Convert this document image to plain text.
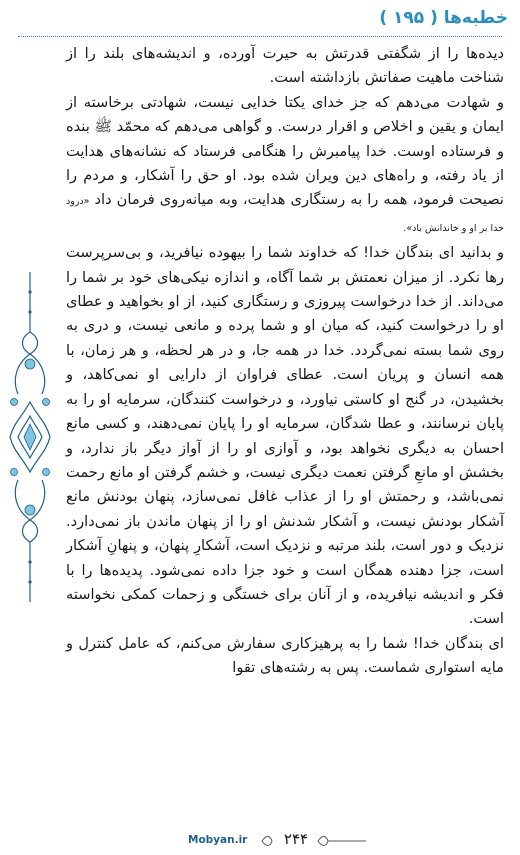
خطبه‌ها ( ۱۹۵ )

دیده‌ها را از شگفتی قدرتش به حیرت آورده، و اندیشه‌های بلند را از شناخت ماهیت صفاتش بازداشته است.

و شهادت می‌دهم که جز خدای یکتا خدایی نیست، شهادتی برخاسته از ایمان و یقین و اخلاص و اقرار درست. و گواهی می‌دهم که محمّد ﷺ بنده و فرستاده اوست. خدا پیامبرش را هنگامی فرستاد که نشانه‌های هدایت از یاد رفته، و راه‌های دین ویران شده بود. او حق را آشکار، و مردم را نصیحت فرمود، همه را به رستگاری هدایت، وبه میانه‌روی فرمان داد «درود خدا بر او و خاندانش باد».

و بدانید ای بندگان خدا! که خداوند شما را بیهوده نیافرید، و بی‌سرپرست رها نکرد. از میزان نعمتش بر شما آگاه، و اندازه نیکی‌های خود بر شما را می‌داند. از خدا درخواست پیروزی و رستگاری کنید، از او بخواهید و عطای او را درخواست کنید، که میان او و شما پرده و مانعی نیست، و دری به روی شما بسته نمی‌گردد. خدا در همه جا، و در هر لحظه، و هر زمان، با همه انسان و پریان است. عطای فراوان از دارایی او نمی‌کاهد، و بخشیدن، در گنج او کاستی نیاورد، و درخواست کنندگان، سرمایه او را به پایان نرسانند، و عطا شدگان، سرمایه او را پایان نمی‌دهند، و کسی مانع احسان به دیگری نخواهد بود، و آوازی او را از آواز دیگر باز ندارد، و بخشش او مانعِ گرفتن نعمت دیگری نیست، و خشم گرفتن او مانع رحمت نمی‌باشد، و رحمتش او را از عذاب غافل نمی‌سازد، پنهان بودنش مانع آشکار بودنش نیست، و آشکار شدنش او را از پنهان ماندن باز نمی‌دارد. نزدیک و دور است، بلند مرتبه و نزدیک است، آشکارِ پنهان، و پنهانِ آشکار است، جزا دهنده همگان است و خود جزا داده نمی‌شود. پدیده‌ها را با فکر و اندیشه نیافریده، و از آنان برای خستگی و زحمات کمکی نخواسته است.

ای بندگان خدا! شما را به پرهیزکاری سفارش می‌کنم، که عامل کنترل و مایه استواری شماست. پس به رشته‌های تقوا

Mobyan.ir	۲۴۴
